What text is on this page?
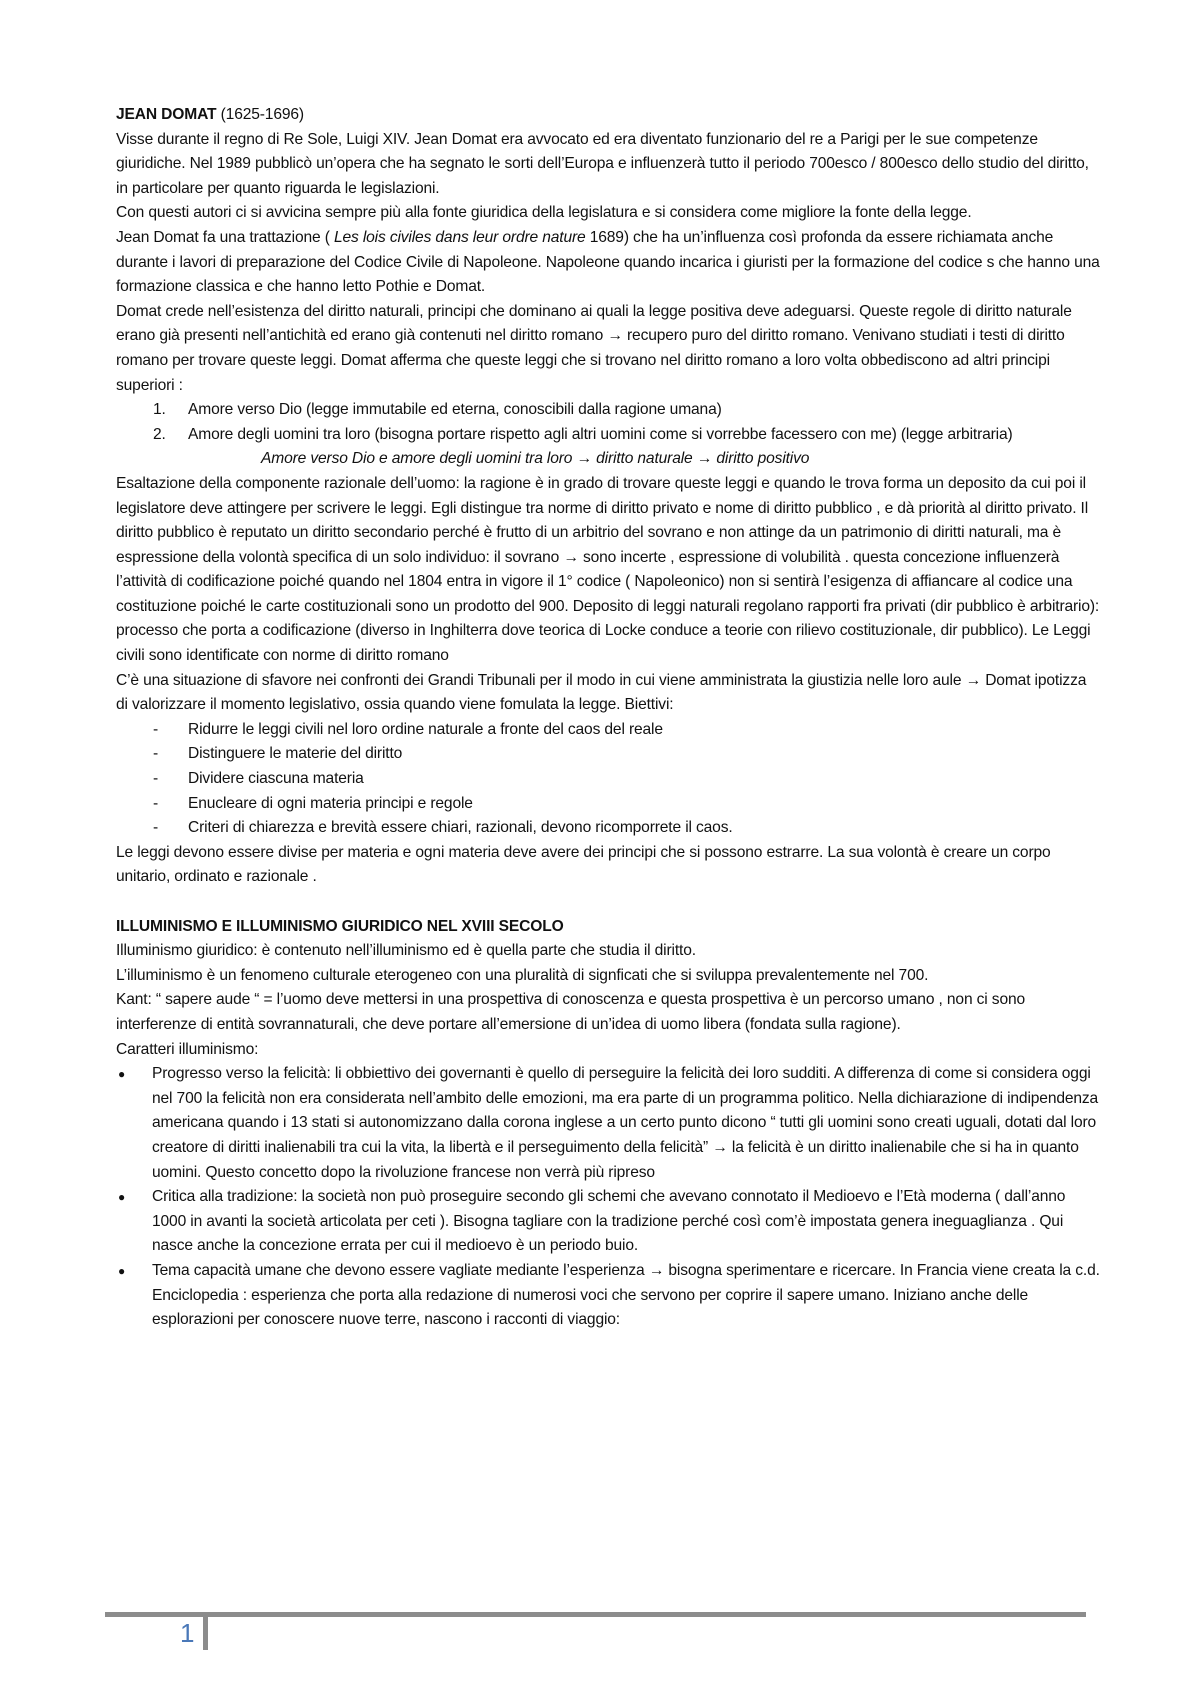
JEAN DOMAT (1625-1696)

Visse durante il regno di Re Sole, Luigi XIV. Jean Domat era avvocato ed era diventato funzionario del re a Parigi per le sue competenze giuridiche. Nel 1989 pubblicò un’opera che ha segnato le sorti dell’Europa e influenzerà tutto il periodo 700esco / 800esco dello studio del diritto, in particolare per quanto riguarda le legislazioni.

Con questi autori ci si avvicina sempre più alla fonte giuridica della legislatura e si considera come migliore la fonte della legge.

Jean Domat fa una trattazione ( Les lois civiles dans leur ordre nature 1689) che ha un’influenza così profonda da essere richiamata anche durante i lavori di preparazione del Codice Civile di Napoleone. Napoleone quando incarica i giuristi per la formazione del codice s che hanno una formazione classica e che hanno letto Pothie e Domat.

Domat crede nell’esistenza del diritto naturali, principi che dominano ai quali la legge positiva deve adeguarsi. Queste regole di diritto naturale erano già presenti nell’antichità ed erano già contenuti nel diritto romano → recupero puro del diritto romano. Venivano studiati i testi di diritto romano per trovare queste leggi. Domat afferma che queste leggi che si trovano nel diritto romano a loro volta obbediscono ad altri principi superiori :

1. Amore verso Dio (legge immutabile ed eterna, conoscibili dalla ragione umana)
2. Amore degli uomini tra loro (bisogna portare rispetto agli altri uomini come si vorrebbe facessero con me) (legge arbitraria)

Amore verso Dio e amore degli uomini tra loro → diritto naturale → diritto positivo

Esaltazione della componente razionale dell’uomo: la ragione è in grado di trovare queste leggi e quando le trova forma un deposito da cui poi il legislatore deve attingere per scrivere le leggi. Egli distingue tra norme di diritto privato e nome di diritto pubblico , e dà priorità al diritto privato. Il diritto pubblico è reputato un diritto secondario perché è frutto di un arbitrio del sovrano e non attinge da un patrimonio di diritti naturali, ma è espressione della volontà specifica di un solo individuo: il sovrano → sono incerte , espressione di volubilità . questa concezione influenzerà l’attività di codificazione poiché quando nel 1804 entra in vigore il 1° codice ( Napoleonico) non si sentirà l’esigenza di affiancare al codice una costituzione poiché le carte costituzionali sono un prodotto del 900. Deposito di leggi naturali regolano rapporti fra privati (dir pubblico è arbitrario): processo che porta a codificazione (diverso in Inghilterra dove teorica di Locke conduce a teorie con rilievo costituzionale, dir pubblico). Le Leggi civili sono identificate con norme di diritto romano

C’è una situazione di sfavore nei confronti dei Grandi Tribunali per il modo in cui viene amministrata la giustizia nelle loro aule → Domat ipotizza di valorizzare il momento legislativo, ossia quando viene fomulata la legge. Biettivi:

- Ridurre le leggi civili nel loro ordine naturale a fronte del caos del reale
- Distinguere le materie del diritto
- Dividere ciascuna materia
- Enucleare di ogni materia principi e regole
- Criteri di chiarezza e brevità essere chiari, razionali, devono ricomporrete il caos.

Le leggi devono essere divise per materia e ogni materia deve avere dei principi che si possono estrarre. La sua volontà è creare un corpo unitario, ordinato e razionale .

ILLUMINISMO E ILLUMINISMO GIURIDICO NEL XVIII SECOLO

Illuminismo giuridico: è contenuto nell’illuminismo ed è quella parte che studia il diritto.

L’illuminismo è un fenomeno culturale eterogeneo con una pluralità di signficati che si sviluppa prevalentemente nel 700.

Kant: “ sapere aude “ = l’uomo deve mettersi in una prospettiva di conoscenza e questa prospettiva è un percorso umano , non ci sono interferenze di entità sovrannaturali, che deve portare all’emersione di un’idea di uomo libera (fondata sulla ragione).

Caratteri illuminismo:

● Progresso verso la felicità: li obbiettivo dei governanti è quello di perseguire la felicità dei loro sudditi. A differenza di come si considera oggi nel 700 la felicità non era considerata nell’ambito delle emozioni, ma era parte di un programma politico. Nella dichiarazione di indipendenza americana quando i 13 stati si autonomizzano dalla corona inglese a un certo punto dicono “ tutti gli uomini sono creati uguali, dotati dal loro creatore di diritti inalienabili tra cui la vita, la libertà e il perseguimento della felicità” → la felicità è un diritto inalienabile che si ha in quanto uomini. Questo concetto dopo la rivoluzione francese non verrà più ripreso
● Critica alla tradizione: la società non può proseguire secondo gli schemi che avevano connotato il Medioevo e l’Età moderna ( dall’anno 1000 in avanti la società articolata per ceti ). Bisogna tagliare con la tradizione perché così com’è impostata genera ineguaglianza . Qui nasce anche la concezione errata per cui il medioevo è un periodo buio.
● Tema capacità umane che devono essere vagliate mediante l’esperienza → bisogna sperimentare e ricercare. In Francia viene creata la c.d. Enciclopedia : esperienza che porta alla redazione di numerosi voci che servono per coprire il sapere umano. Iniziano anche delle esplorazioni per conoscere nuove terre, nascono i racconti di viaggio:
1
